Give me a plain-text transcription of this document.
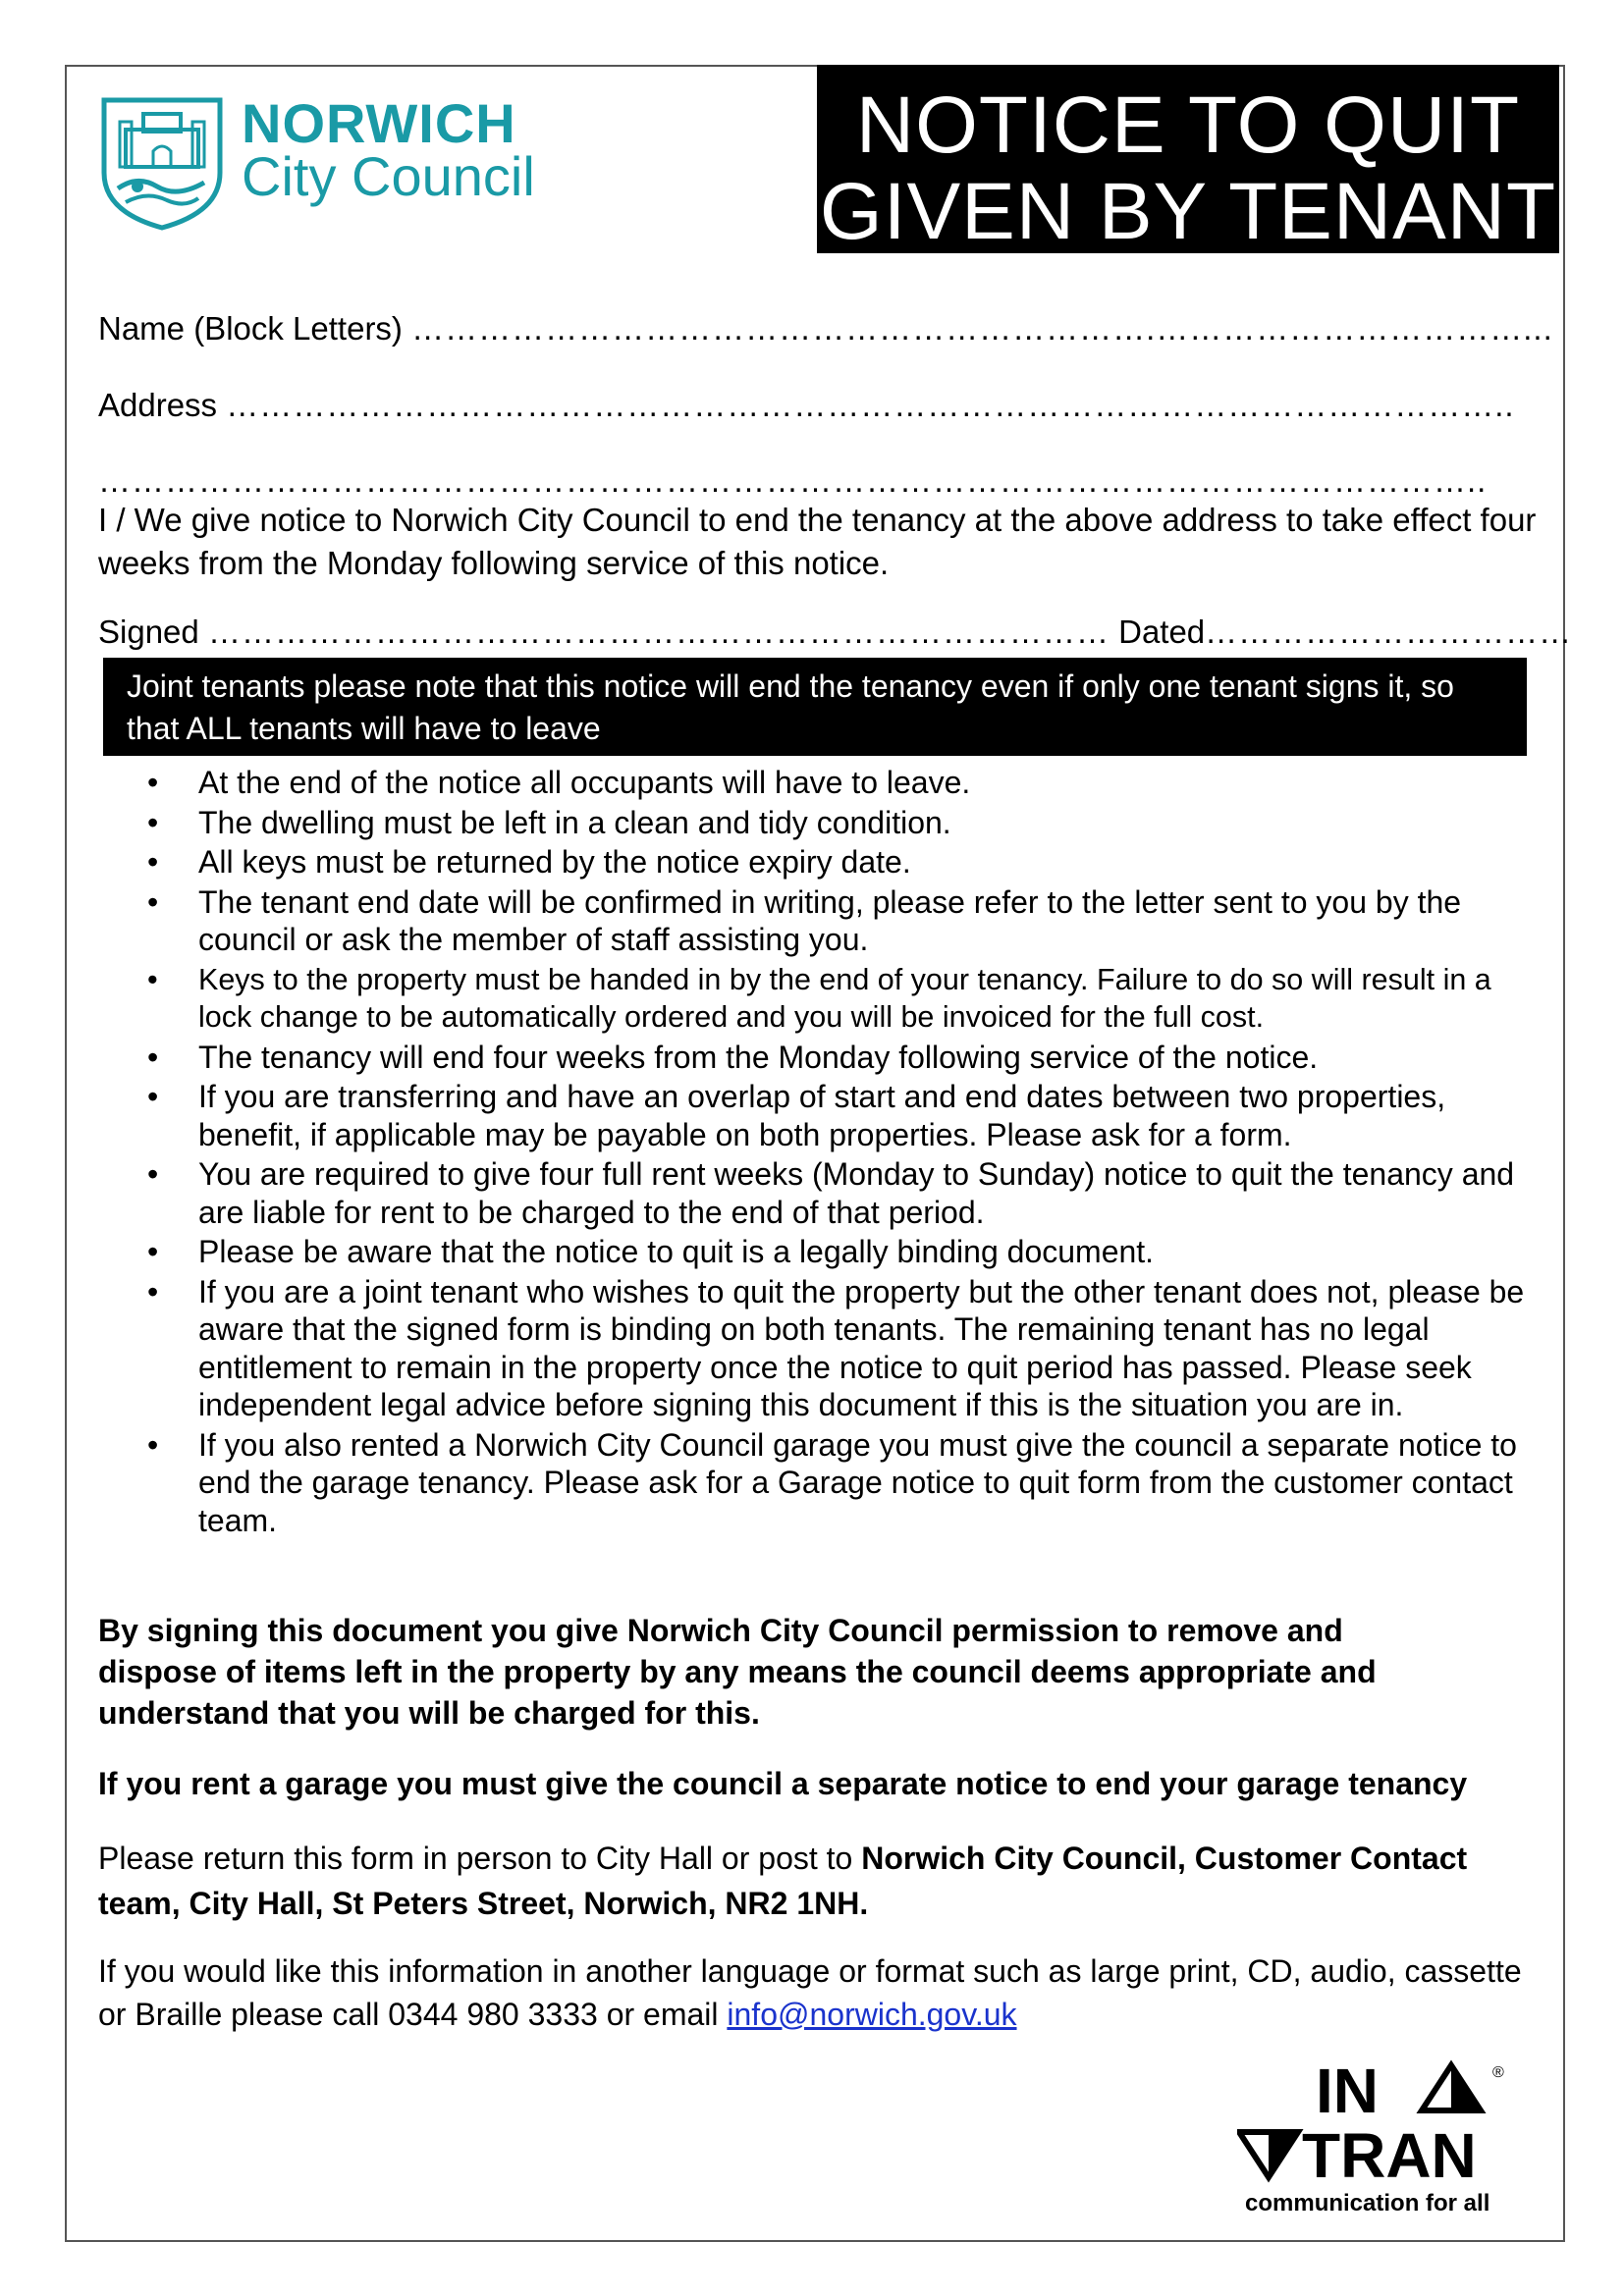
NORWICH
City Council
NOTICE TO QUIT
GIVEN BY TENANT
Name (Block Letters) ………………………………………………………….……………………………...
Address ……………………………………………………………………………………………………..
……………………………………………………………………………………………………………..
I / We give notice to Norwich City Council to end the tenancy at the above address to take effect four weeks from the Monday following service of this notice.
Signed ……………………………………………………………………… Dated……………………………
Joint tenants please note that this notice will end the tenancy even if only one tenant signs it, so that ALL tenants will have to leave
• At the end of the notice all occupants will have to leave.
• The dwelling must be left in a clean and tidy condition.
• All keys must be returned by the notice expiry date.
• The tenant end date will be confirmed in writing, please refer to the letter sent to you by the council or ask the member of staff assisting you.
• Keys to the property must be handed in by the end of your tenancy. Failure to do so will result in a lock change to be automatically ordered and you will be invoiced for the full cost.
• The tenancy will end four weeks from the Monday following service of the notice.
• If you are transferring and have an overlap of start and end dates between two properties, benefit, if applicable may be payable on both properties. Please ask for a form.
• You are required to give four full rent weeks (Monday to Sunday) notice to quit the tenancy and are liable for rent to be charged to the end of that period.
• Please be aware that the notice to quit is a legally binding document.
• If you are a joint tenant who wishes to quit the property but the other tenant does not, please be aware that the signed form is binding on both tenants. The remaining tenant has no legal entitlement to remain in the property once the notice to quit period has passed. Please seek independent legal advice before signing this document if this is the situation you are in.
• If you also rented a Norwich City Council garage you must give the council a separate notice to end the garage tenancy. Please ask for a Garage notice to quit form from the customer contact team.
By signing this document you give Norwich City Council permission to remove and dispose of items left in the property by any means the council deems appropriate and understand that you will be charged for this.
If you rent a garage you must give the council a separate notice to end your garage tenancy
Please return this form in person to City Hall or post to Norwich City Council, Customer Contact team, City Hall, St Peters Street, Norwich, NR2 1NH.
If you would like this information in another language or format such as large print, CD, audio, cassette or Braille please call 0344 980 3333 or email info@norwich.gov.uk
IN	®
TRAN
communication for all
